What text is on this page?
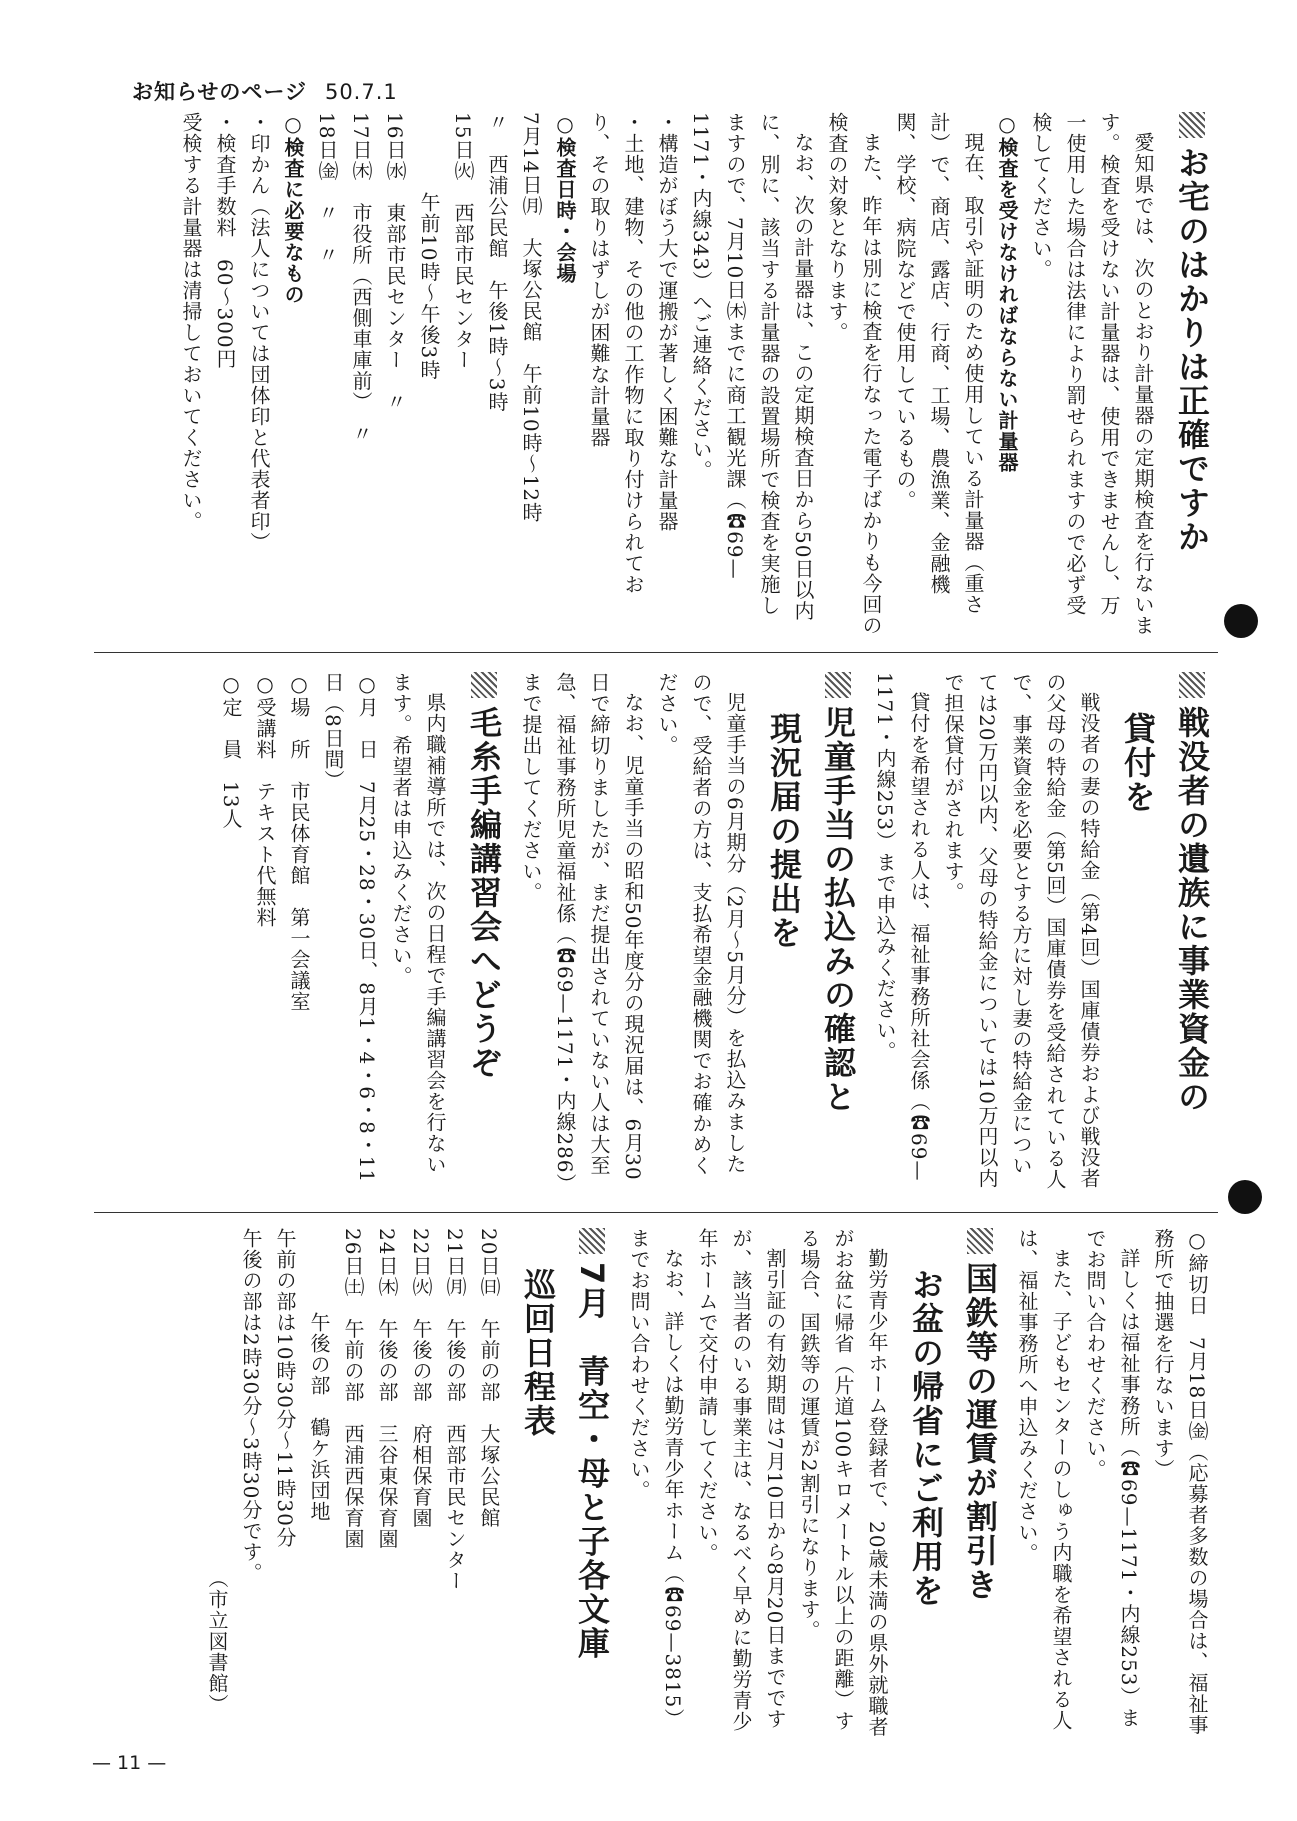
お知らせのページ 50.7.1
お宅のはかりは正確ですか

愛知県では、次のとおり計量器の定期検査を行ないます。検査を受けない計量器は、使用できませんし、万一使用した場合は法律により罰せられますので必ず受検してください。

○検査を受けなければならない計量器

現在、取引や証明のため使用している計量器（重さ計）で、商店、露店、行商、工場、農漁業、金融機関、学校、病院などで使用しているもの。

また、昨年は別に検査を行なった電子ばかりも今回の検査の対象となります。

なお、次の計量器は、この定期検査日から50日以内に、別に、該当する計量器の設置場所で検査を実施しますので、7月10日㈭までに商工観光課（☎69—1171・内線343）へご連絡ください。

・構造がぼう大で運搬が著しく困難な計量器

・土地、建物、その他の工作物に取り付けられており、その取りはずしが困難な計量器

○検査日時・会場
7月14日㈪　大塚公民館　午前10時～12時
〃　西浦公民館　午後1時～3時
15日㈫　西部市民センター
午前10時～午後3時
16日㈬　東部市民センター　〃
17日㈭　市役所（西側車庫前）　〃
18日㈮　〃　〃
○検査に必要なもの

・印かん（法人については団体印と代表者印）

・検査手数料　60～300円

受検する計量器は清掃しておいてください。

戦没者の遺族に事業資金の
貸付を

戦没者の妻の特給金（第4回）国庫債券および戦没者の父母の特給金（第5回）国庫債券を受給されている人で、事業資金を必要とする方に対し妻の特給金については20万円以内、父母の特給金については10万円以内で担保貸付がされます。

貸付を希望される人は、福祉事務所社会係（☎69—1171・内線253）まで申込みください。

児童手当の払込みの確認と
現況届の提出を

児童手当の6月期分（2月～5月分）を払込みましたので、受給者の方は、支払希望金融機関でお確かめください。

なお、児童手当の昭和50年度分の現況届は、6月30日で締切りましたが、まだ提出されていない人は大至急、福祉事務所児童福祉係（☎69—1171・内線286）まで提出してください。

毛糸手編講習会へどうぞ

県内職補導所では、次の日程で手編講習会を行ないます。希望者は申込みください。

○月　日　7月25・28・30日、8月1・4・6・8・11日（8日間）
○場　所　市民体育館　第一会議室
○受講料　テキスト代無料
○定　員　13人
○締切日　7月18日㈮（応募者多数の場合は、福祉事務所で抽選を行ないます）

詳しくは福祉事務所（☎69—1171・内線253）までお問い合わせください。

また、子どもセンターのしゅう内職を希望される人は、福祉事務所へ申込みください。

国鉄等の運賃が割引き
お盆の帰省にご利用を

勤労青少年ホーム登録者で、20歳未満の県外就職者がお盆に帰省（片道100キロメートル以上の距離）する場合、国鉄等の運賃が2割引になります。

割引証の有効期間は7月10日から8月20日までですが、該当者のいる事業主は、なるべく早めに勤労青少年ホームで交付申請してください。

なお、詳しくは勤労青少年ホーム（☎69—3815）までお問い合わせください。

7月　青空・母と子各文庫
巡回日程表
20日㈰　午前の部　大塚公民館
21日㈪　午後の部　西部市民センター
22日㈫　午後の部　府相保育園
24日㈭　午後の部　三谷東保育園
26日㈯　午前の部　西浦西保育園
　　　　午後の部　鶴ケ浜団地
午前の部は10時30分～11時30分
午後の部は2時30分～3時30分です。
（市立図書館）
— 11 —
